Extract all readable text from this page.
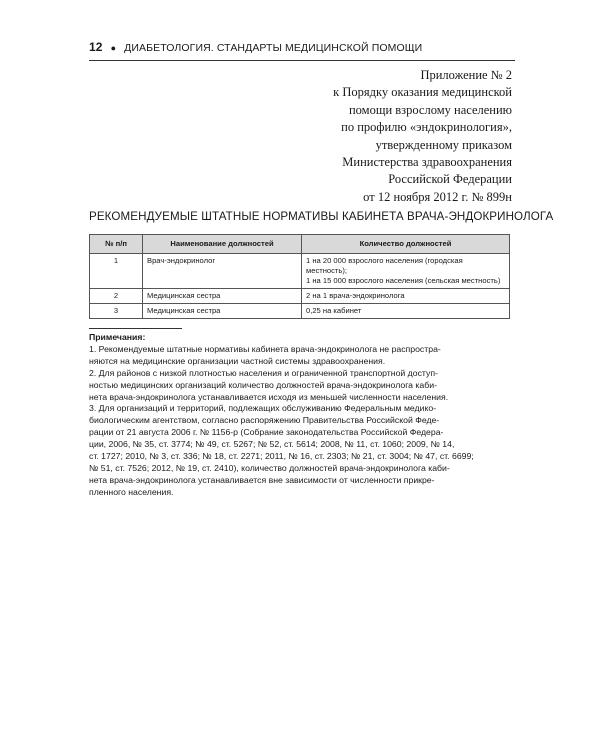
12 ● ДИАБЕТОЛОГИЯ. СТАНДАРТЫ МЕДИЦИНСКОЙ ПОМОЩИ
Приложение № 2
к Порядку оказания медицинской
помощи взрослому населению
по профилю «эндокринология»,
утвержденному приказом
Министерства здравоохранения
Российской Федерации
от 12 ноября 2012 г. № 899н
РЕКОМЕНДУЕМЫЕ ШТАТНЫЕ НОРМАТИВЫ КАБИНЕТА ВРАЧА-ЭНДОКРИНОЛОГА
№ п/п	Наименование должностей	Количество должностей
1	Врач-эндокринолог	1 на 20 000 взрослого населения (городская местность);
1 на 15 000 взрослого населения (сельская местность)

2	Медицинская сестра	2 на 1 врача-эндокринолога

3	Медицинская сестра	0,25 на кабинет
Примечания:
1. Рекомендуемые штатные нормативы кабинета врача-эндокринолога не распростра-
няются на медицинские организации частной системы здравоохранения.
2. Для районов с низкой плотностью населения и ограниченной транспортной доступ-
ностью медицинских организаций количество должностей врача-эндокринолога каби-
нета врача-эндокринолога устанавливается исходя из меньшей численности населения.
3. Для организаций и территорий, подлежащих обслуживанию Федеральным медико-
биологическим агентством, согласно распоряжению Правительства Российской Феде-
рации от 21 августа 2006 г. № 1156-р (Собрание законодательства Российской Федера-
ции, 2006, № 35, ст. 3774; № 49, ст. 5267; № 52, ст. 5614; 2008, № 11, ст. 1060; 2009, № 14,
ст. 1727; 2010, № 3, ст. 336; № 18, ст. 2271; 2011, № 16, ст. 2303; № 21, ст. 3004; № 47, ст. 6699;
№ 51, ст. 7526; 2012, № 19, ст. 2410), количество должностей врача-эндокринолога каби-
нета врача-эндокринолога устанавливается вне зависимости от численности прикре-
пленного населения.
